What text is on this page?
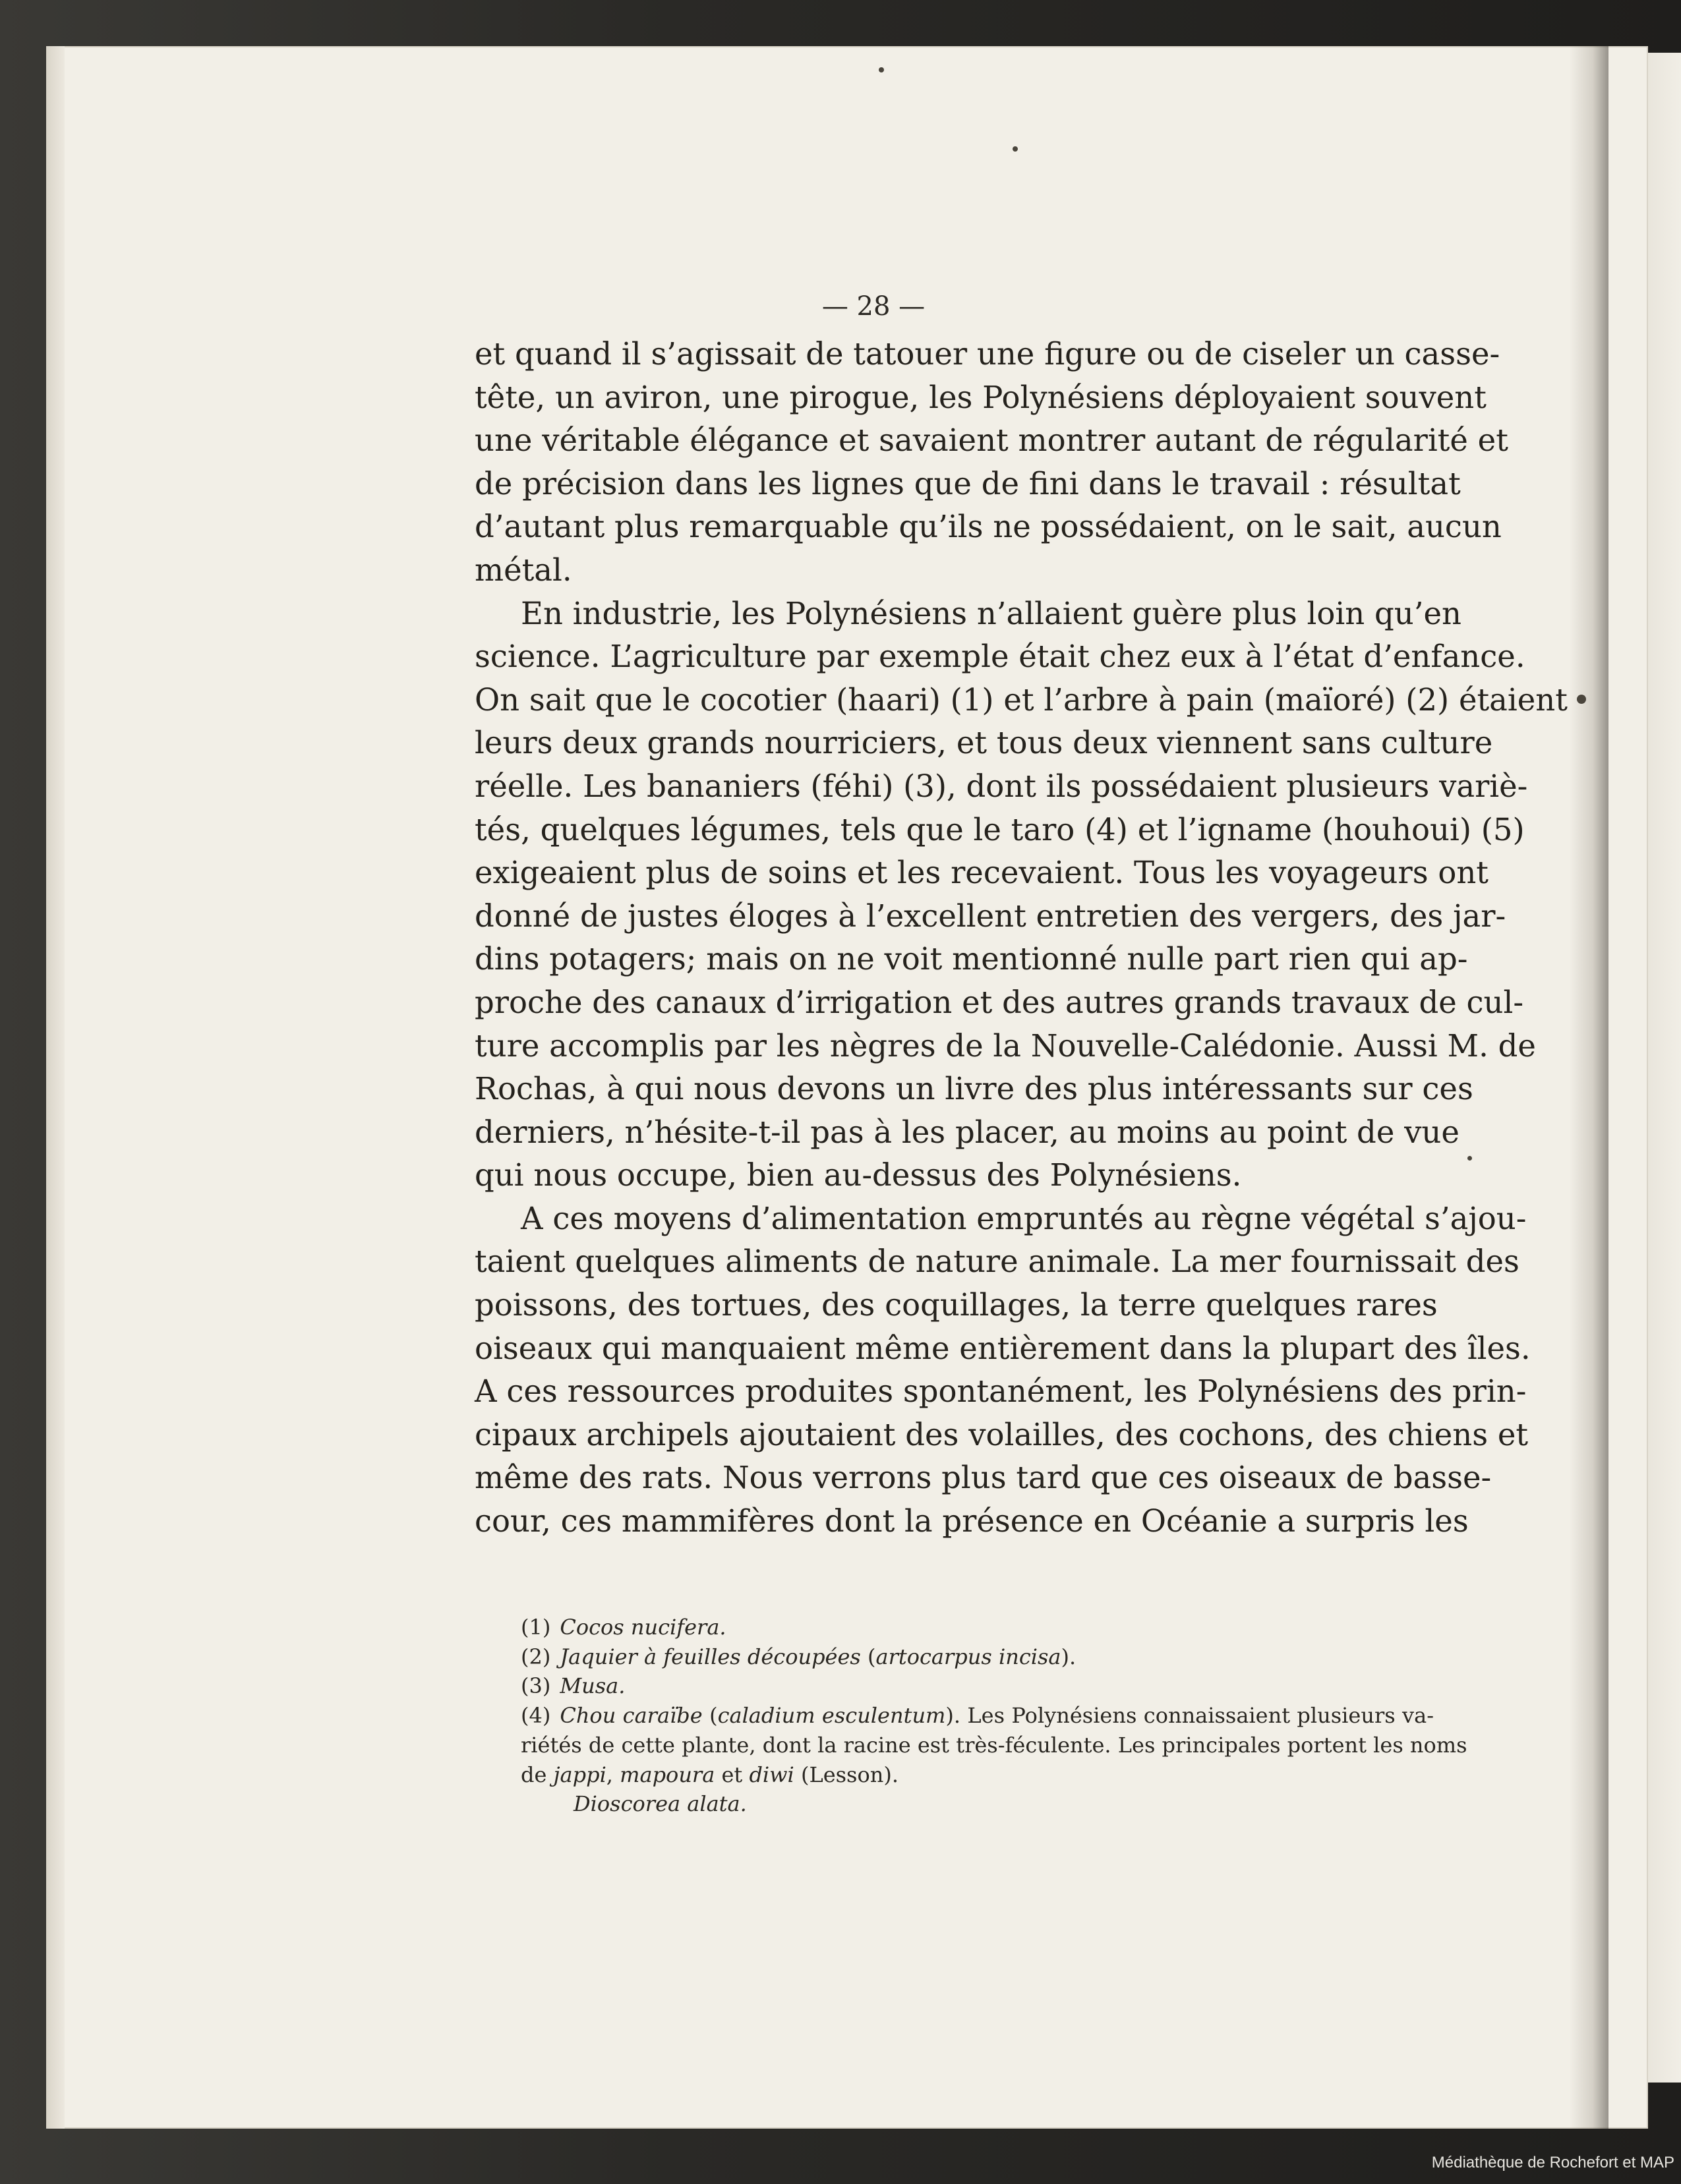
— 28 —
et quand il s’agissait de tatouer une figure ou de ciseler un casse-
tête, un aviron, une pirogue, les Polynésiens déployaient souvent
une véritable élégance et savaient montrer autant de régularité et
de précision dans les lignes que de fini dans le travail : résultat
d’autant plus remarquable qu’ils ne possédaient, on le sait, aucun
métal.
En industrie, les Polynésiens n’allaient guère plus loin qu’en
science. L’agriculture par exemple était chez eux à l’état d’enfance.
On sait que le cocotier (haari) (1) et l’arbre à pain (maïoré) (2) étaient
leurs deux grands nourriciers, et tous deux viennent sans culture
réelle. Les bananiers (féhi) (3), dont ils possédaient plusieurs variè-
tés, quelques légumes, tels que le taro (4) et l’igname (houhoui) (5)
exigeaient plus de soins et les recevaient. Tous les voyageurs ont
donné de justes éloges à l’excellent entretien des vergers, des jar-
dins potagers; mais on ne voit mentionné nulle part rien qui ap-
proche des canaux d’irrigation et des autres grands travaux de cul-
ture accomplis par les nègres de la Nouvelle-Calédonie. Aussi M. de
Rochas, à qui nous devons un livre des plus intéressants sur ces
derniers, n’hésite-t-il pas à les placer, au moins au point de vue
qui nous occupe, bien au-dessus des Polynésiens.
A ces moyens d’alimentation empruntés au règne végétal s’ajou-
taient quelques aliments de nature animale. La mer fournissait des
poissons, des tortues, des coquillages, la terre quelques rares
oiseaux qui manquaient même entièrement dans la plupart des îles.
A ces ressources produites spontanément, les Polynésiens des prin-
cipaux archipels ajoutaient des volailles, des cochons, des chiens et
même des rats. Nous verrons plus tard que ces oiseaux de basse-
cour, ces mammifères dont la présence en Océanie a surpris les
(1) Cocos nucifera.
(2) Jaquier à feuilles découpées (artocarpus incisa).
(3) Musa.
(4) Chou caraïbe (caladium esculentum). Les Polynésiens connaissaient plusieurs va-
riétés de cette plante, dont la racine est très-féculente. Les principales portent les noms
de jappi, mapoura et diwi (Lesson).
Dioscorea alata.
Médiathèque de Rochefort et MAP
